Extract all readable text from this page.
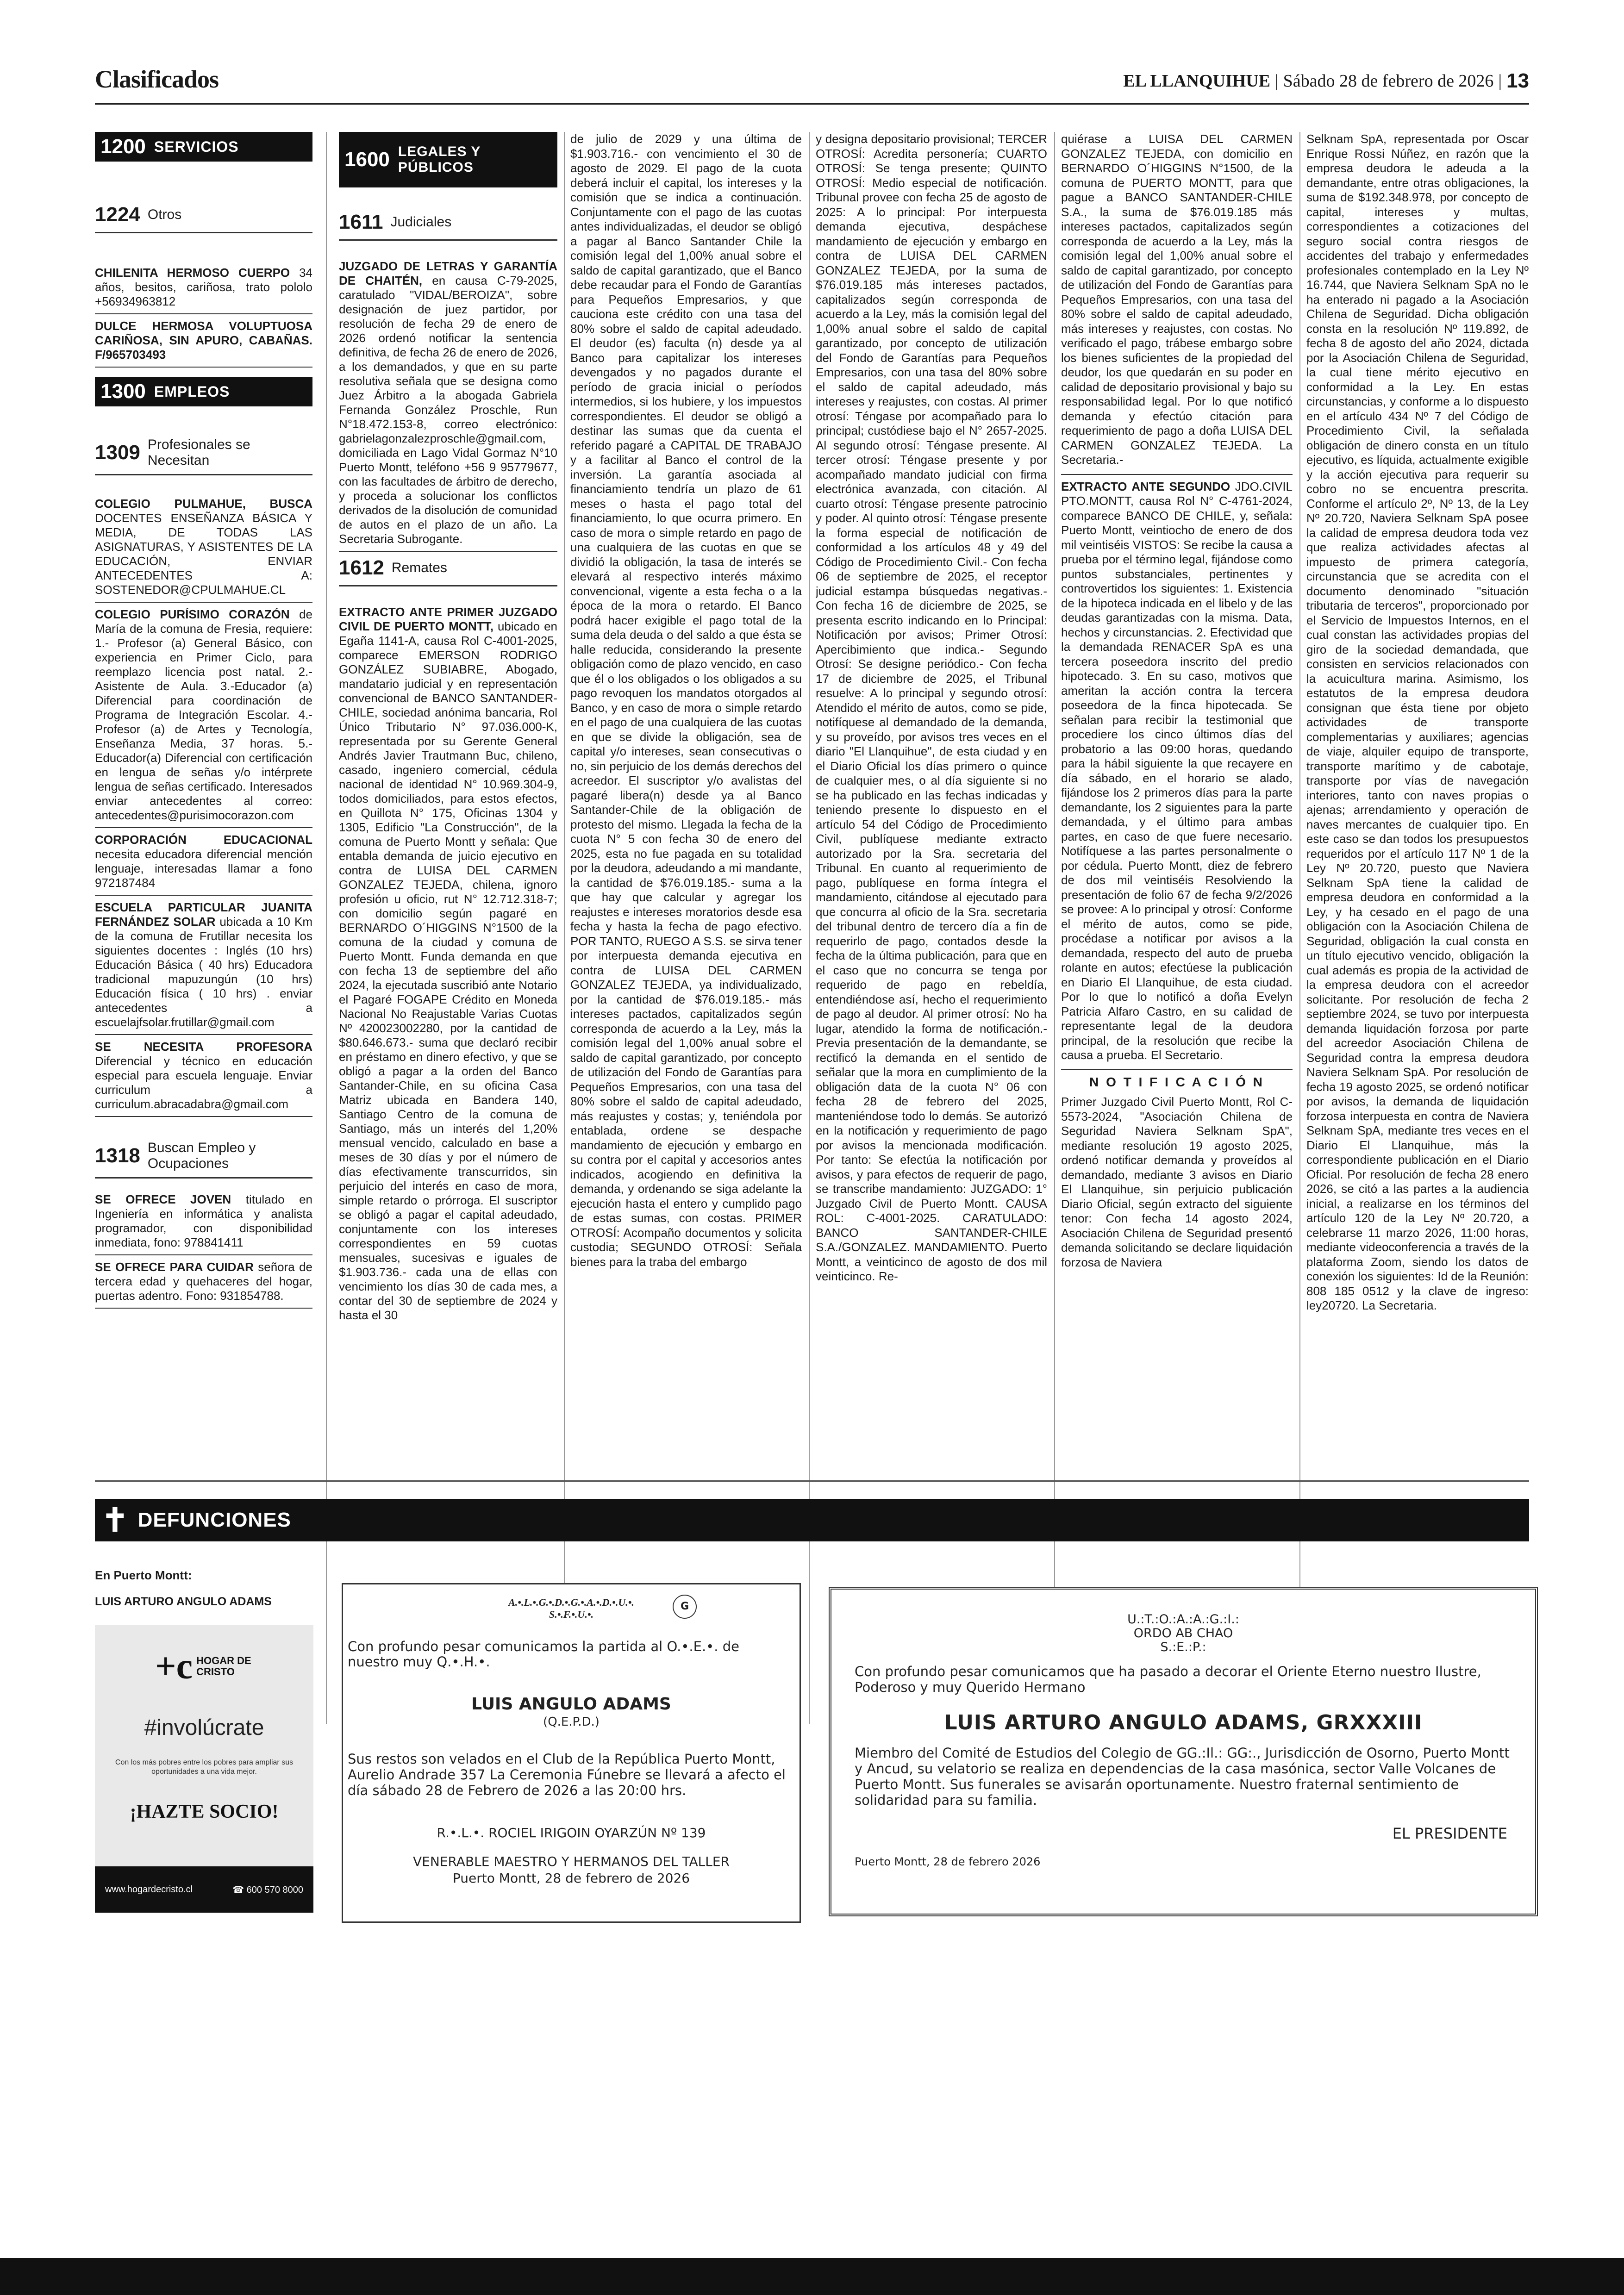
Clasificados	EL LLANQUIHUE | Sábado 28 de febrero de 2026 | 13
1200 SERVICIOS
1224 Otros
CHILENITA HERMOSO CUERPO 34 años, besitos, cariñosa, trato pololo +56934963812
DULCE HERMOSA VOLUPTUOSA CARIÑOSA, SIN APURO, CABAÑAS. F/965703493
1300 EMPLEOS
1309 Profesionales se Necesitan
COLEGIO PULMAHUE, BUSCA DOCENTES ENSEÑANZA BÁSICA Y MEDIA, DE TODAS LAS ASIGNATURAS, Y ASISTENTES DE LA EDUCACIÓN, ENVIAR ANTECEDENTES A: SOSTENEDOR@CPULMAHUE.CL
COLEGIO PURÍSIMO CORAZÓN de María de la comuna de Fresia, requiere: 1.- Profesor (a) General Básico, con experiencia en Primer Ciclo, para reemplazo licencia post natal. 2.- Asistente de Aula. 3.-Educador (a) Diferencial para coordinación de Programa de Integración Escolar. 4.-Profesor (a) de Artes y Tecnología, Enseñanza Media, 37 horas. 5.- Educador(a) Diferencial con certificación en lengua de señas y/o intérprete lengua de señas certificado. Interesados enviar antecedentes al correo: antecedentes@purisimocorazon.com
CORPORACIÓN EDUCACIONAL necesita educadora diferencial mención lenguaje, interesadas llamar a fono 972187484
ESCUELA PARTICULAR JUANITA FERNÁNDEZ SOLAR ubicada a 10 Km de la comuna de Frutillar necesita los siguientes docentes : Inglés (10 hrs) Educación Básica ( 40 hrs) Educadora tradicional mapuzungún (10 hrs) Educación física ( 10 hrs) . enviar antecedentes a escuelajfsolar.frutillar@gmail.com
SE NECESITA PROFESORA Diferencial y técnico en educación especial para escuela lenguaje. Enviar curriculum a curriculum.abracadabra@gmail.com
1318 Buscan Empleo y Ocupaciones
SE OFRECE JOVEN titulado en Ingeniería en informática y analista programador, con disponibilidad inmediata, fono: 978841411
SE OFRECE PARA CUIDAR señora de tercera edad y quehaceres del hogar, puertas adentro. Fono: 931854788.
1600 LEGALES Y PÚBLICOS
1611 Judiciales
JUZGADO DE LETRAS Y GARANTÍA DE CHAITÉN, en causa C-79-2025, caratulado "VIDAL/BEROIZA", sobre designación de juez partidor, por resolución de fecha 29 de enero de 2026 ordenó notificar la sentencia definitiva, de fecha 26 de enero de 2026, a los demandados, y que en su parte resolutiva señala que se designa como Juez Árbitro a la abogada Gabriela Fernanda González Proschle, Run N°18.472.153-8, correo electrónico: gabrielagonzalezproschle@gmail.com, domiciliada en Lago Vidal Gormaz N°10 Puerto Montt, teléfono +56 9 95779677, con las facultades de árbitro de derecho, y proceda a solucionar los conflictos derivados de la disolución de comunidad de autos en el plazo de un año. La Secretaria Subrogante.
1612 Remates
EXTRACTO ANTE PRIMER JUZGADO CIVIL DE PUERTO MONTT, ubicado en Egaña 1141-A, causa Rol C-4001-2025, comparece EMERSON RODRIGO GONZÁLEZ SUBIABRE, Abogado, mandatario judicial y en representación convencional de BANCO SANTANDER-CHILE, sociedad anónima bancaria, Rol Único Tributario N° 97.036.000-K, representada por su Gerente General Andrés Javier Trautmann Buc, chileno, casado, ingeniero comercial, cédula nacional de identidad N° 10.969.304-9, todos domiciliados, para estos efectos, en Quillota N° 175, Oficinas 1304 y 1305, Edificio "La Construcción", de la comuna de Puerto Montt y señala: Que entabla demanda de juicio ejecutivo en contra de LUISA DEL CARMEN GONZALEZ TEJEDA, chilena, ignoro profesión u oficio, rut N° 12.712.318-7; con domicilio según pagaré en BERNARDO O´HIGGINS N°1500 de la comuna de la ciudad y comuna de Puerto Montt. Funda demanda en que con fecha 13 de septiembre del año 2024, la ejecutada suscribió ante Notario el Pagaré FOGAPE Crédito en Moneda Nacional No Reajustable Varias Cuotas Nº 420023002280, por la cantidad de $80.646.673.- suma que declaró recibir en préstamo en dinero efectivo, y que se obligó a pagar a la orden del Banco Santander-Chile, en su oficina Casa Matriz ubicada en Bandera 140, Santiago Centro de la comuna de Santiago, más un interés del 1,20% mensual vencido, calculado en base a meses de 30 días y por el número de días efectivamente transcurridos, sin perjuicio del interés en caso de mora, simple retardo o prórroga. El suscriptor se obligó a pagar el capital adeudado, conjuntamente con los intereses correspondientes en 59 cuotas mensuales, sucesivas e iguales de $1.903.736.- cada una de ellas con vencimiento los días 30 de cada mes, a contar del 30 de septiembre de 2024 y hasta el 30

de julio de 2029 y una última de $1.903.716.- con vencimiento el 30 de agosto de 2029. El pago de la cuota deberá incluir el capital, los intereses y la comisión que se indica a continuación. Conjuntamente con el pago de las cuotas antes individualizadas, el deudor se obligó a pagar al Banco Santander Chile la comisión legal del 1,00% anual sobre el saldo de capital garantizado, que el Banco debe recaudar para el Fondo de Garantías para Pequeños Empresarios, y que cauciona este crédito con una tasa del 80% sobre el saldo de capital adeudado. El deudor (es) faculta (n) desde ya al Banco para capitalizar los intereses devengados y no pagados durante el período de gracia inicial o períodos intermedios, si los hubiere, y los impuestos correspondientes. El deudor se obligó a destinar las sumas que da cuenta el referido pagaré a CAPITAL DE TRABAJO y a facilitar al Banco el control de la inversión. La garantía asociada al financiamiento tendría un plazo de 61 meses o hasta el pago total del financiamiento, lo que ocurra primero. En caso de mora o simple retardo en pago de una cualquiera de las cuotas en que se dividió la obligación, la tasa de interés se elevará al respectivo interés máximo convencional, vigente a esta fecha o a la época de la mora o retardo. El Banco podrá hacer exigible el pago total de la suma dela deuda o del saldo a que ésta se halle reducida, considerando la presente obligación como de plazo vencido, en caso que él o los obligados o los obligados a su pago revoquen los mandatos otorgados al Banco, y en caso de mora o simple retardo en el pago de una cualquiera de las cuotas en que se divide la obligación, sea de capital y/o intereses, sean consecutivas o no, sin perjuicio de los demás derechos del acreedor. El suscriptor y/o avalistas del pagaré libera(n) desde ya al Banco Santander-Chile de la obligación de protesto del mismo. Llegada la fecha de la cuota N° 5 con fecha 30 de enero del 2025, esta no fue pagada en su totalidad por la deudora, adeudando a mi mandante, la cantidad de $76.019.185.- suma a la que hay que calcular y agregar los reajustes e intereses moratorios desde esa fecha y hasta la fecha de pago efectivo. POR TANTO, RUEGO A S.S. se sirva tener por interpuesta demanda ejecutiva en contra de LUISA DEL CARMEN GONZALEZ TEJEDA, ya individualizado, por la cantidad de $76.019.185.- más intereses pactados, capitalizados según corresponda de acuerdo a la Ley, más la comisión legal del 1,00% anual sobre el saldo de capital garantizado, por concepto de utilización del Fondo de Garantías para Pequeños Empresarios, con una tasa del 80% sobre el saldo de capital adeudado, más reajustes y costas; y, teniéndola por entablada, ordene se despache mandamiento de ejecución y embargo en su contra por el capital y accesorios antes indicados, acogiendo en definitiva la demanda, y ordenando se siga adelante la ejecución hasta el entero y cumplido pago de estas sumas, con costas. PRIMER OTROSÍ: Acompaño documentos y solicita custodia; SEGUNDO OTROSÍ: Señala bienes para la traba del embargo

y designa depositario provisional; TERCER OTROSÍ: Acredita personería; CUARTO OTROSÍ: Se tenga presente; QUINTO OTROSÍ: Medio especial de notificación. Tribunal provee con fecha 25 de agosto de 2025: A lo principal: Por interpuesta demanda ejecutiva, despáchese mandamiento de ejecución y embargo en contra de LUISA DEL CARMEN GONZALEZ TEJEDA, por la suma de $76.019.185 más intereses pactados, capitalizados según corresponda de acuerdo a la Ley, más la comisión legal del 1,00% anual sobre el saldo de capital garantizado, por concepto de utilización del Fondo de Garantías para Pequeños Empresarios, con una tasa del 80% sobre el saldo de capital adeudado, más intereses y reajustes, con costas. Al primer otrosí: Téngase por acompañado para lo principal; custódiese bajo el N° 2657-2025. Al segundo otrosí: Téngase presente. Al tercer otrosí: Téngase presente y por acompañado mandato judicial con firma electrónica avanzada, con citación. Al cuarto otrosí: Téngase presente patrocinio y poder. Al quinto otrosí: Téngase presente la forma especial de notificación de conformidad a los artículos 48 y 49 del Código de Procedimiento Civil.- Con fecha 06 de septiembre de 2025, el receptor judicial estampa búsquedas negativas.- Con fecha 16 de diciembre de 2025, se presenta escrito indicando en lo Principal: Notificación por avisos; Primer Otrosí: Apercibimiento que indica.- Segundo Otrosí: Se designe periódico.- Con fecha 17 de diciembre de 2025, el Tribunal resuelve: A lo principal y segundo otrosí: Atendido el mérito de autos, como se pide, notifíquese al demandado de la demanda, y su proveído, por avisos tres veces en el diario "El Llanquihue", de esta ciudad y en el Diario Oficial los días primero o quince de cualquier mes, o al día siguiente si no se ha publicado en las fechas indicadas y teniendo presente lo dispuesto en el artículo 54 del Código de Procedimiento Civil, publíquese mediante extracto autorizado por la Sra. secretaria del Tribunal. En cuanto al requerimiento de pago, publíquese en forma íntegra el mandamiento, citándose al ejecutado para que concurra al oficio de la Sra. secretaria del tribunal dentro de tercero día a fin de requerirlo de pago, contados desde la fecha de la última publicación, para que en el caso que no concurra se tenga por requerido de pago en rebeldía, entendiéndose así, hecho el requerimiento de pago al deudor. Al primer otrosí: No ha lugar, atendido la forma de notificación.- Previa presentación de la demandante, se rectificó la demanda en el sentido de señalar que la mora en cumplimiento de la obligación data de la cuota N° 06 con fecha 28 de febrero del 2025, manteniéndose todo lo demás. Se autorizó en la notificación y requerimiento de pago por avisos la mencionada modificación. Por tanto: Se efectúa la notificación por avisos, y para efectos de requerir de pago, se transcribe mandamiento: JUZGADO: 1° Juzgado Civil de Puerto Montt. CAUSA ROL: C-4001-2025. CARATULADO: BANCO SANTANDER-CHILE S.A./GONZALEZ. MANDAMIENTO. Puerto Montt, a veinticinco de agosto de dos mil veinticinco. Re-

quiérase a LUISA DEL CARMEN GONZALEZ TEJEDA, con domicilio en BERNARDO O´HIGGINS N°1500, de la comuna de PUERTO MONTT, para que pague a BANCO SANTANDER-CHILE S.A., la suma de $76.019.185 más intereses pactados, capitalizados según corresponda de acuerdo a la Ley, más la comisión legal del 1,00% anual sobre el saldo de capital garantizado, por concepto de utilización del Fondo de Garantías para Pequeños Empresarios, con una tasa del 80% sobre el saldo de capital adeudado, más intereses y reajustes, con costas. No verificado el pago, trábese embargo sobre los bienes suficientes de la propiedad del deudor, los que quedarán en su poder en calidad de depositario provisional y bajo su responsabilidad legal. Por lo que notificó demanda y efectúo citación para requerimiento de pago a doña LUISA DEL CARMEN GONZALEZ TEJEDA. La Secretaria.-

EXTRACTO ANTE SEGUNDO JDO.CIVIL PTO.MONTT, causa Rol N° C-4761-2024, comparece BANCO DE CHILE, y, señala: Puerto Montt, veintiocho de enero de dos mil veintiséis VISTOS: Se recibe la causa a prueba por el término legal, fijándose como puntos substanciales, pertinentes y controvertidos los siguientes: 1. Existencia de la hipoteca indicada en el libelo y de las deudas garantizadas con la misma. Data, hechos y circunstancias. 2. Efectividad que la demandada RENACER SpA es una tercera poseedora inscrito del predio hipotecado. 3. En su caso, motivos que ameritan la acción contra la tercera poseedora de la finca hipotecada. Se señalan para recibir la testimonial que procediere los cinco últimos días del probatorio a las 09:00 horas, quedando para la hábil siguiente la que recayere en día sábado, en el horario se alado, fijándose los 2 primeros días para la parte demandante, los 2 siguientes para la parte demandada, y el último para ambas partes, en caso de que fuere necesario. Notifíquese a las partes personalmente o por cédula. Puerto Montt, diez de febrero de dos mil veintiséis Resolviendo la presentación de folio 67 de fecha 9/2/2026 se provee: A lo principal y otrosí: Conforme el mérito de autos, como se pide, procédase a notificar por avisos a la demandada, respecto del auto de prueba rolante en autos; efectúese la publicación en Diario El Llanquihue, de esta ciudad. Por lo que lo notificó a doña Evelyn Patricia Alfaro Castro, en su calidad de representante legal de la deudora principal, de la resolución que recibe la causa a prueba. El Secretario.

N O T I F I C A C I Ó N

Primer Juzgado Civil Puerto Montt, Rol C-5573-2024, "Asociación Chilena de Seguridad Naviera Selknam SpA", mediante resolución 19 agosto 2025, ordenó notificar demanda y proveídos al demandado, mediante 3 avisos en Diario El Llanquihue, sin perjuicio publicación Diario Oficial, según extracto del siguiente tenor: Con fecha 14 agosto 2024, Asociación Chilena de Seguridad presentó demanda solicitando se declare liquidación forzosa de Naviera

Selknam SpA, representada por Oscar Enrique Rossi Núñez, en razón que la empresa deudora le adeuda a la demandante, entre otras obligaciones, la suma de $192.348.978, por concepto de capital, intereses y multas, correspondientes a cotizaciones del seguro social contra riesgos de accidentes del trabajo y enfermedades profesionales contemplado en la Ley Nº 16.744, que Naviera Selknam SpA no le ha enterado ni pagado a la Asociación Chilena de Seguridad. Dicha obligación consta en la resolución Nº 119.892, de fecha 8 de agosto del año 2024, dictada por la Asociación Chilena de Seguridad, la cual tiene mérito ejecutivo en conformidad a la Ley. En estas circunstancias, y conforme a lo dispuesto en el artículo 434 Nº 7 del Código de Procedimiento Civil, la señalada obligación de dinero consta en un título ejecutivo, es líquida, actualmente exigible y la acción ejecutiva para requerir su cobro no se encuentra prescrita. Conforme el artículo 2º, Nº 13, de la Ley Nº 20.720, Naviera Selknam SpA posee la calidad de empresa deudora toda vez que realiza actividades afectas al impuesto de primera categoría, circunstancia que se acredita con el documento denominado "situación tributaria de terceros", proporcionado por el Servicio de Impuestos Internos, en el cual constan las actividades propias del giro de la sociedad demandada, que consisten en servicios relacionados con la acuicultura marina. Asimismo, los estatutos de la empresa deudora consignan que ésta tiene por objeto actividades de transporte complementarias y auxiliares; agencias de viaje, alquiler equipo de transporte, transporte marítimo y de cabotaje, transporte por vías de navegación interiores, tanto con naves propias o ajenas; arrendamiento y operación de naves mercantes de cualquier tipo. En este caso se dan todos los presupuestos requeridos por el artículo 117 Nº 1 de la Ley Nº 20.720, puesto que Naviera Selknam SpA tiene la calidad de empresa deudora en conformidad a la Ley, y ha cesado en el pago de una obligación con la Asociación Chilena de Seguridad, obligación la cual consta en un título ejecutivo vencido, obligación la cual además es propia de la actividad de la empresa deudora con el acreedor solicitante. Por resolución de fecha 2 septiembre 2024, se tuvo por interpuesta demanda liquidación forzosa por parte del acreedor Asociación Chilena de Seguridad contra la empresa deudora Naviera Selknam SpA. Por resolución de fecha 19 agosto 2025, se ordenó notificar por avisos, la demanda de liquidación forzosa interpuesta en contra de Naviera Selknam SpA, mediante tres veces en el Diario El Llanquihue, más la correspondiente publicación en el Diario Oficial. Por resolución de fecha 28 enero 2026, se citó a las partes a la audiencia inicial, a realizarse en los términos del artículo 120 de la Ley Nº 20.720, a celebrarse 11 marzo 2026, 11:00 horas, mediante videoconferencia a través de la plataforma Zoom, siendo los datos de conexión los siguientes: Id de la Reunión: 808 185 0512 y la clave de ingreso: ley20720. La Secretaria.

✝ DEFUNCIONES
En Puerto Montt:
LUIS ARTURO ANGULO ADAMS
+c HOGAR DE CRISTO
#involúcrate
Con los más pobres entre los pobres para ampliar sus oportunidades a una vida mejor.
¡HAZTE SOCIO!
www.hogardecristo.cl	☎ 600 570 8000
A.•.L.•.G.•.D.•.G.•.A.•.D.•.U.•.
S.•.F.•.U.•.
G
Con profundo pesar comunicamos la partida al O.•.E.•. de nuestro muy Q.•.H.•.
LUIS ANGULO ADAMS
(Q.E.P.D.)
Sus restos son velados en el Club de la República Puerto Montt, Aurelio Andrade 357 La Ceremonia Fúnebre se llevará a afecto el día sábado 28 de Febrero de 2026 a las 20:00 hrs.
R.•.L.•. ROCIEL IRIGOIN OYARZÚN Nº 139
VENERABLE MAESTRO Y HERMANOS DEL TALLER
Puerto Montt, 28 de febrero de 2026
U.:T.:O.:A.:A.:G.:I.:
ORDO AB CHAO
S.:E.:P.:
Con profundo pesar comunicamos que ha pasado a decorar el Oriente Eterno nuestro Ilustre, Poderoso y muy Querido Hermano
LUIS ARTURO ANGULO ADAMS, GRXXXIII
Miembro del Comité de Estudios del Colegio de GG.:Il.: GG:., Jurisdicción de Osorno, Puerto Montt y Ancud, su velatorio se realiza en dependencias de la casa masónica, sector Valle Volcanes de Puerto Montt. Sus funerales se avisarán oportunamente. Nuestro fraternal sentimiento de solidaridad para su familia.
EL PRESIDENTE
Puerto Montt, 28 de febrero 2026
